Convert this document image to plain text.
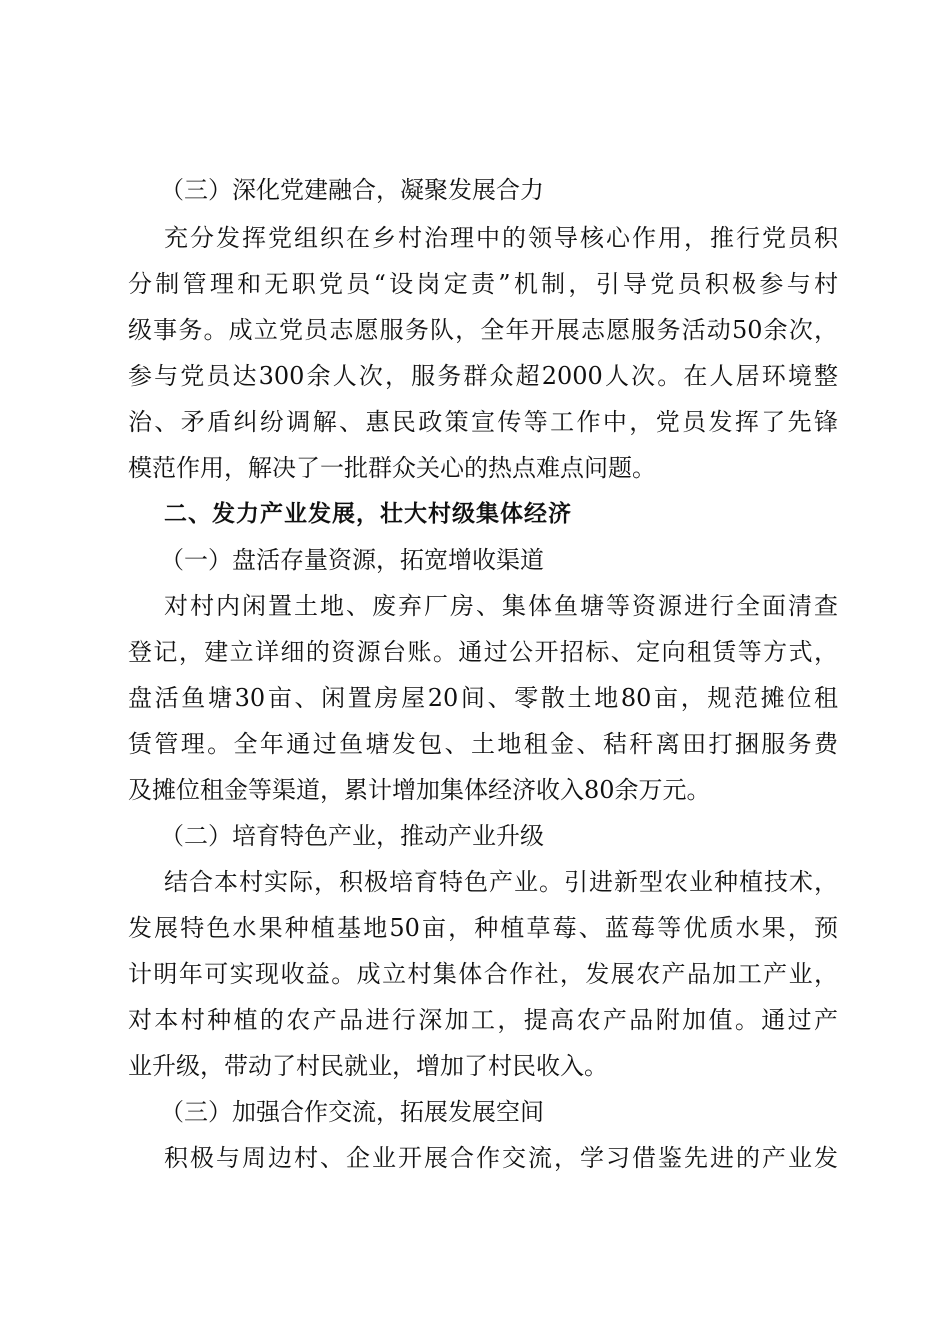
（三）深化党建融合，凝聚发展合力
充分发挥党组织在乡村治理中的领导核心作用，推行党员积
分制管理和无职党员“设岗定责”机制，引导党员积极参与村
级事务。成立党员志愿服务队，全年开展志愿服务活动50余次，
参与党员达300余人次，服务群众超2000人次。在人居环境整
治、矛盾纠纷调解、惠民政策宣传等工作中，党员发挥了先锋
模范作用，解决了一批群众关心的热点难点问题。
二、发力产业发展，壮大村级集体经济
（一）盘活存量资源，拓宽增收渠道
对村内闲置土地、废弃厂房、集体鱼塘等资源进行全面清查
登记，建立详细的资源台账。通过公开招标、定向租赁等方式，
盘活鱼塘30亩、闲置房屋20间、零散土地80亩，规范摊位租
赁管理。全年通过鱼塘发包、土地租金、秸秆离田打捆服务费
及摊位租金等渠道，累计增加集体经济收入80余万元。
（二）培育特色产业，推动产业升级
结合本村实际，积极培育特色产业。引进新型农业种植技术，
发展特色水果种植基地50亩，种植草莓、蓝莓等优质水果，预
计明年可实现收益。成立村集体合作社，发展农产品加工产业，
对本村种植的农产品进行深加工，提高农产品附加值。通过产
业升级，带动了村民就业，增加了村民收入。
（三）加强合作交流，拓展发展空间
积极与周边村、企业开展合作交流，学习借鉴先进的产业发
